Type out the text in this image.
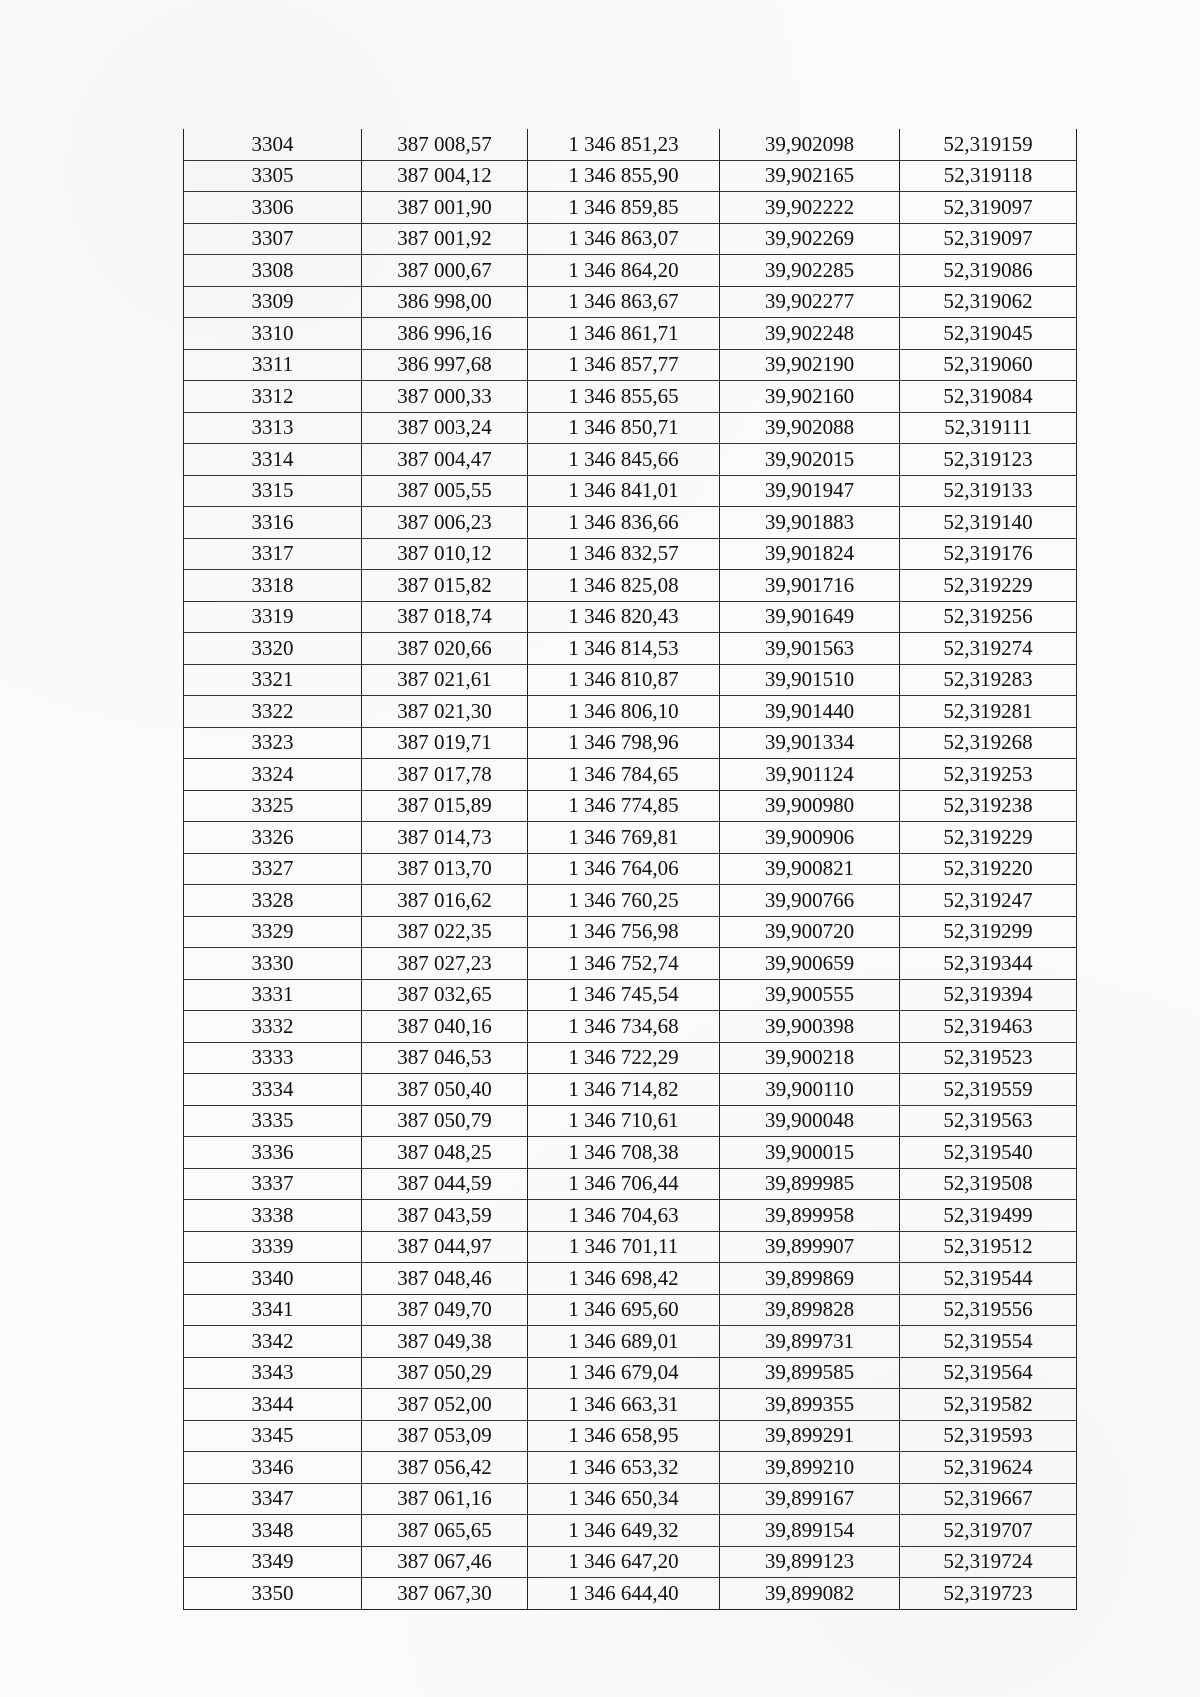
3304	387 008,57	1 346 851,23	39,902098	52,319159
3305	387 004,12	1 346 855,90	39,902165	52,319118
3306	387 001,90	1 346 859,85	39,902222	52,319097
3307	387 001,92	1 346 863,07	39,902269	52,319097
3308	387 000,67	1 346 864,20	39,902285	52,319086
3309	386 998,00	1 346 863,67	39,902277	52,319062
3310	386 996,16	1 346 861,71	39,902248	52,319045
3311	386 997,68	1 346 857,77	39,902190	52,319060
3312	387 000,33	1 346 855,65	39,902160	52,319084
3313	387 003,24	1 346 850,71	39,902088	52,319111
3314	387 004,47	1 346 845,66	39,902015	52,319123
3315	387 005,55	1 346 841,01	39,901947	52,319133
3316	387 006,23	1 346 836,66	39,901883	52,319140
3317	387 010,12	1 346 832,57	39,901824	52,319176
3318	387 015,82	1 346 825,08	39,901716	52,319229
3319	387 018,74	1 346 820,43	39,901649	52,319256
3320	387 020,66	1 346 814,53	39,901563	52,319274
3321	387 021,61	1 346 810,87	39,901510	52,319283
3322	387 021,30	1 346 806,10	39,901440	52,319281
3323	387 019,71	1 346 798,96	39,901334	52,319268
3324	387 017,78	1 346 784,65	39,901124	52,319253
3325	387 015,89	1 346 774,85	39,900980	52,319238
3326	387 014,73	1 346 769,81	39,900906	52,319229
3327	387 013,70	1 346 764,06	39,900821	52,319220
3328	387 016,62	1 346 760,25	39,900766	52,319247
3329	387 022,35	1 346 756,98	39,900720	52,319299
3330	387 027,23	1 346 752,74	39,900659	52,319344
3331	387 032,65	1 346 745,54	39,900555	52,319394
3332	387 040,16	1 346 734,68	39,900398	52,319463
3333	387 046,53	1 346 722,29	39,900218	52,319523
3334	387 050,40	1 346 714,82	39,900110	52,319559
3335	387 050,79	1 346 710,61	39,900048	52,319563
3336	387 048,25	1 346 708,38	39,900015	52,319540
3337	387 044,59	1 346 706,44	39,899985	52,319508
3338	387 043,59	1 346 704,63	39,899958	52,319499
3339	387 044,97	1 346 701,11	39,899907	52,319512
3340	387 048,46	1 346 698,42	39,899869	52,319544
3341	387 049,70	1 346 695,60	39,899828	52,319556
3342	387 049,38	1 346 689,01	39,899731	52,319554
3343	387 050,29	1 346 679,04	39,899585	52,319564
3344	387 052,00	1 346 663,31	39,899355	52,319582
3345	387 053,09	1 346 658,95	39,899291	52,319593
3346	387 056,42	1 346 653,32	39,899210	52,319624
3347	387 061,16	1 346 650,34	39,899167	52,319667
3348	387 065,65	1 346 649,32	39,899154	52,319707
3349	387 067,46	1 346 647,20	39,899123	52,319724
3350	387 067,30	1 346 644,40	39,899082	52,319723
